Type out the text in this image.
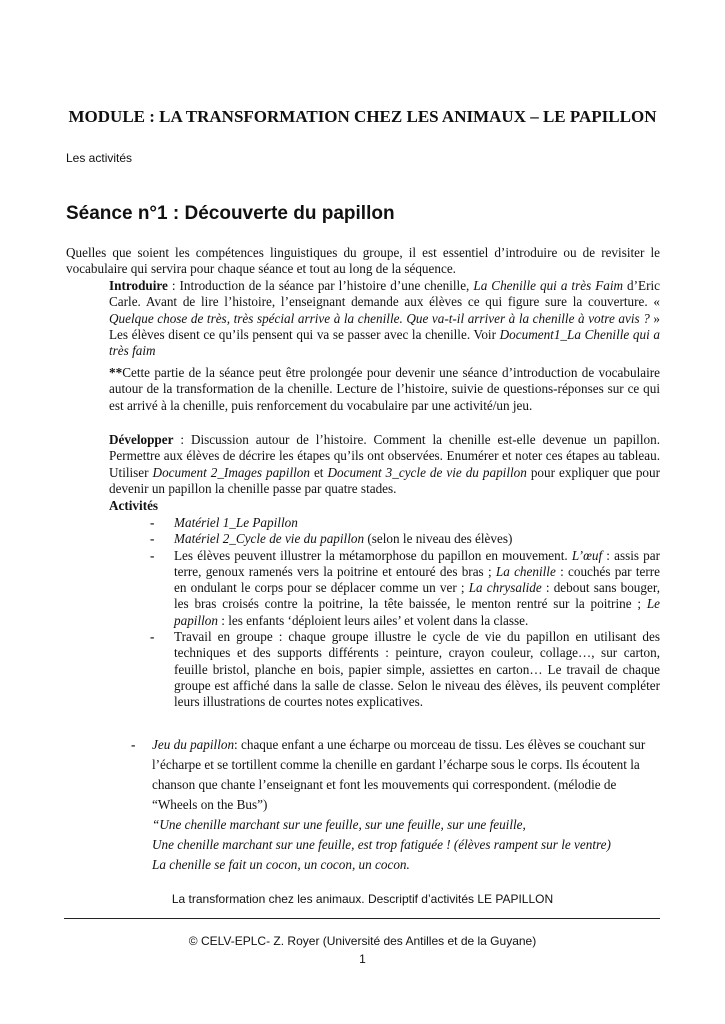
MODULE : LA TRANSFORMATION CHEZ LES ANIMAUX – LE PAPILLON
Les activités
Séance n°1 : Découverte du papillon
Quelles que soient les compétences linguistiques du groupe, il est essentiel d’introduire ou de revisiter le vocabulaire qui servira pour chaque séance et tout au long de la séquence.
Introduire : Introduction de la séance par l’histoire d’une chenille, La Chenille qui a très Faim d’Eric Carle. Avant de lire l’histoire, l’enseignant demande aux élèves ce qui figure sure la couverture. « Quelque chose de très, très spécial arrive à la chenille. Que va-t-il arriver à la chenille à votre avis ? » Les élèves disent ce qu’ils pensent qui va se passer avec la chenille. Voir Document1_La Chenille qui a très faim
**Cette partie de la séance peut être prolongée pour devenir une séance d’introduction de vocabulaire autour de la transformation de la chenille. Lecture de l’histoire, suivie de questions-réponses sur ce qui est arrivé à la chenille, puis renforcement du vocabulaire par une activité/un jeu.
Développer : Discussion autour de l’histoire. Comment la chenille est-elle devenue un papillon. Permettre aux élèves de décrire les étapes qu’ils ont observées. Enumérer et noter ces étapes au tableau. Utiliser Document 2_Images papillon et Document 3_cycle de vie du papillon pour expliquer que pour devenir un papillon la chenille passe par quatre stades.
Activités
- Matériel 1_Le Papillon
- Matériel 2_Cycle de vie du papillon (selon le niveau des élèves)
- Les élèves peuvent illustrer la métamorphose du papillon en mouvement. L’œuf : assis par terre, genoux ramenés vers la poitrine et entouré des bras ; La chenille : couchés par terre en ondulant le corps pour se déplacer comme un ver ; La chrysalide : debout sans bouger, les bras croisés contre la poitrine, la tête baissée, le menton rentré sur la poitrine ; Le papillon : les enfants ‘déploient leurs ailes’ et volent dans la classe.
- Travail en groupe : chaque groupe illustre le cycle de vie du papillon en utilisant des techniques et des supports différents : peinture, crayon couleur, collage…, sur carton, feuille bristol, planche en bois, papier simple, assiettes en carton… Le travail de chaque groupe est affiché dans la salle de classe. Selon le niveau des élèves, ils peuvent compléter leurs illustrations de courtes notes explicatives.
- Jeu du papillon: chaque enfant a une écharpe ou morceau de tissu. Les élèves se couchant sur l’écharpe et se tortillent comme la chenille en gardant l’écharpe sous le corps. Ils écoutent la chanson que chante l’enseignant et font les mouvements qui correspondent. (mélodie de “Wheels on the Bus”)
“Une chenille marchant sur une feuille, sur une feuille, sur une feuille,
Une chenille marchant sur une feuille, est trop fatiguée ! (élèves rampent sur le ventre)
La chenille se fait un cocon, un cocon, un cocon.
La transformation chez les animaux. Descriptif d’activités LE PAPILLON
© CELV-EPLC- Z. Royer (Université des Antilles et de la Guyane)
1
